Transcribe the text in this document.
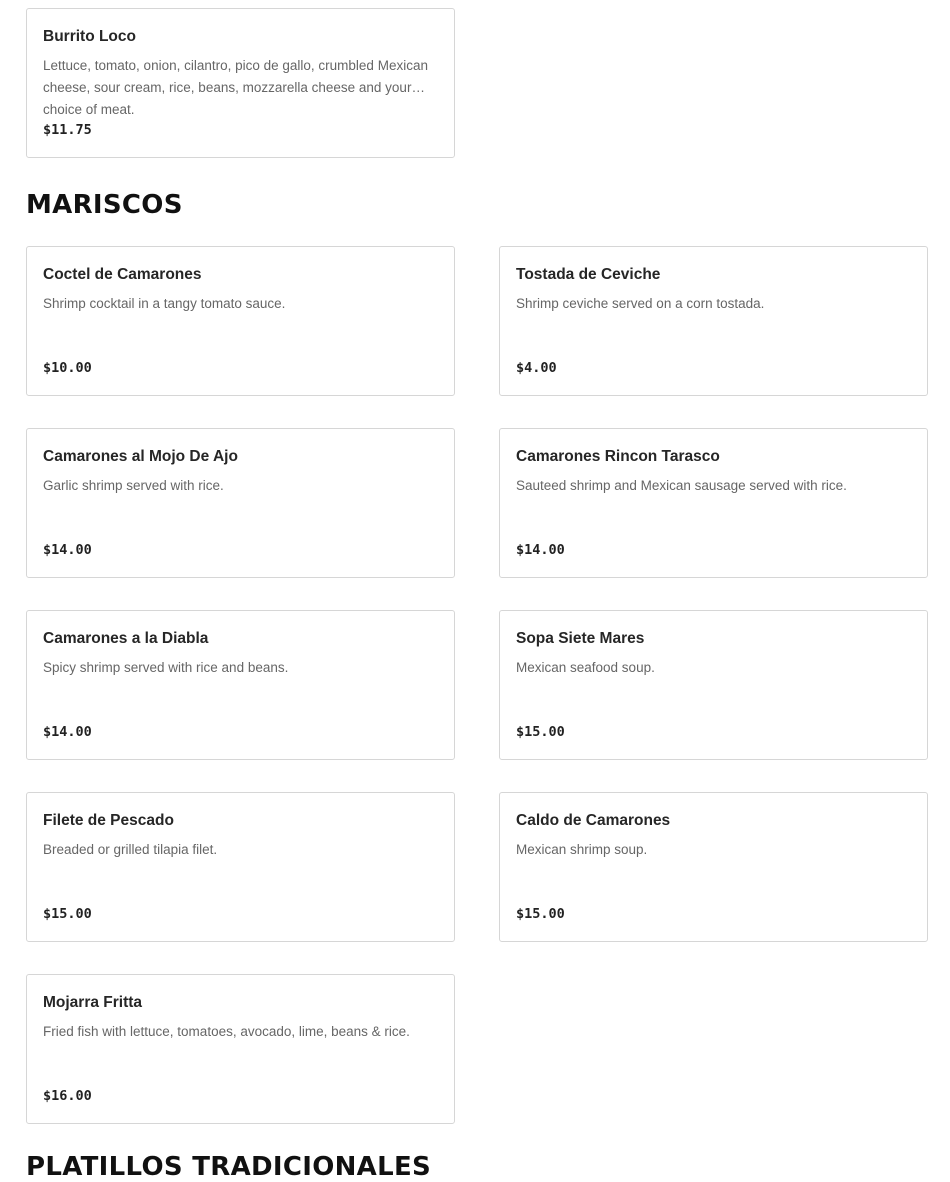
Burrito Loco
Lettuce, tomato, onion, cilantro, pico de gallo, crumbled Mexican cheese, sour cream, rice, beans, mozzarella cheese and your choice of meat.
$11.75
MARISCOS
Coctel de Camarones
Shrimp cocktail in a tangy tomato sauce.
$10.00
Tostada de Ceviche
Shrimp ceviche served on a corn tostada.
$4.00
Camarones al Mojo De Ajo
Garlic shrimp served with rice.
$14.00
Camarones Rincon Tarasco
Sauteed shrimp and Mexican sausage served with rice.
$14.00
Camarones a la Diabla
Spicy shrimp served with rice and beans.
$14.00
Sopa Siete Mares
Mexican seafood soup.
$15.00
Filete de Pescado
Breaded or grilled tilapia filet.
$15.00
Caldo de Camarones
Mexican shrimp soup.
$15.00
Mojarra Fritta
Fried fish with lettuce, tomatoes, avocado, lime, beans & rice.
$16.00
PLATILLOS TRADICIONALES
